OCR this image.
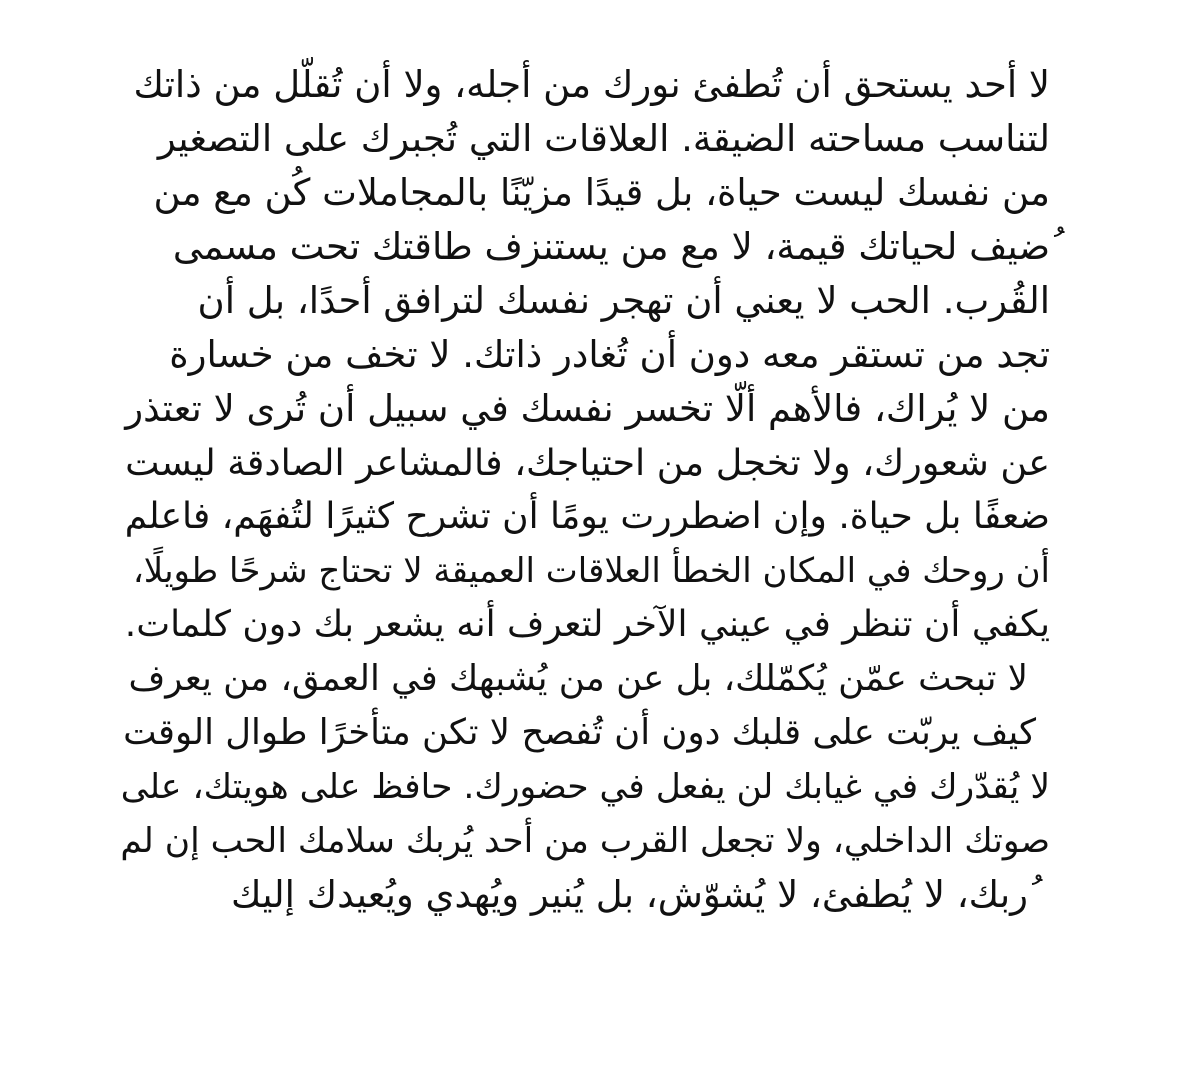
لا أحد يستحق أن تُطفئ نورك من أجله، ولا أن تُقلّل من ذاتك
لتناسب مساحته الضيقة. العلاقات التي تُجبرك على التصغير
من نفسك ليست حياة، بل قيدًا مزيّنًا بالمجاملات كُن مع من
ُضيف لحياتك قيمة، لا مع من يستنزف طاقتك تحت مسمى
القُرب. الحب لا يعني أن تهجر نفسك لترافق أحدًا، بل أن
تجد من تستقر معه دون أن تُغادر ذاتك. لا تخف من خسارة
من لا يُراك، فالأهم ألّا تخسر نفسك في سبيل أن تُرى لا تعتذر
عن شعورك، ولا تخجل من احتياجك، فالمشاعر الصادقة ليست
ضعفًا بل حياة. وإن اضطررت يومًا أن تشرح كثيرًا لتُفهَم، فاعلم
أن روحك في المكان الخطأ العلاقات العميقة لا تحتاج شرحًا طويلًا،
يكفي أن تنظر في عيني الآخر لتعرف أنه يشعر بك دون كلمات.
لا تبحث عمّن يُكمّلك، بل عن من يُشبهك في العمق، من يعرف
كيف يربّت على قلبك دون أن تُفصح لا تكن متأخرًا طوال الوقت
لا يُقدّرك في غيابك لن يفعل في حضورك. حافظ على هويتك، على
صوتك الداخلي، ولا تجعل القرب من أحد يُربك سلامك الحب إن لم
ُربك، لا يُطفئ، لا يُشوّش، بل يُنير ويُهدي ويُعيدك إليك
